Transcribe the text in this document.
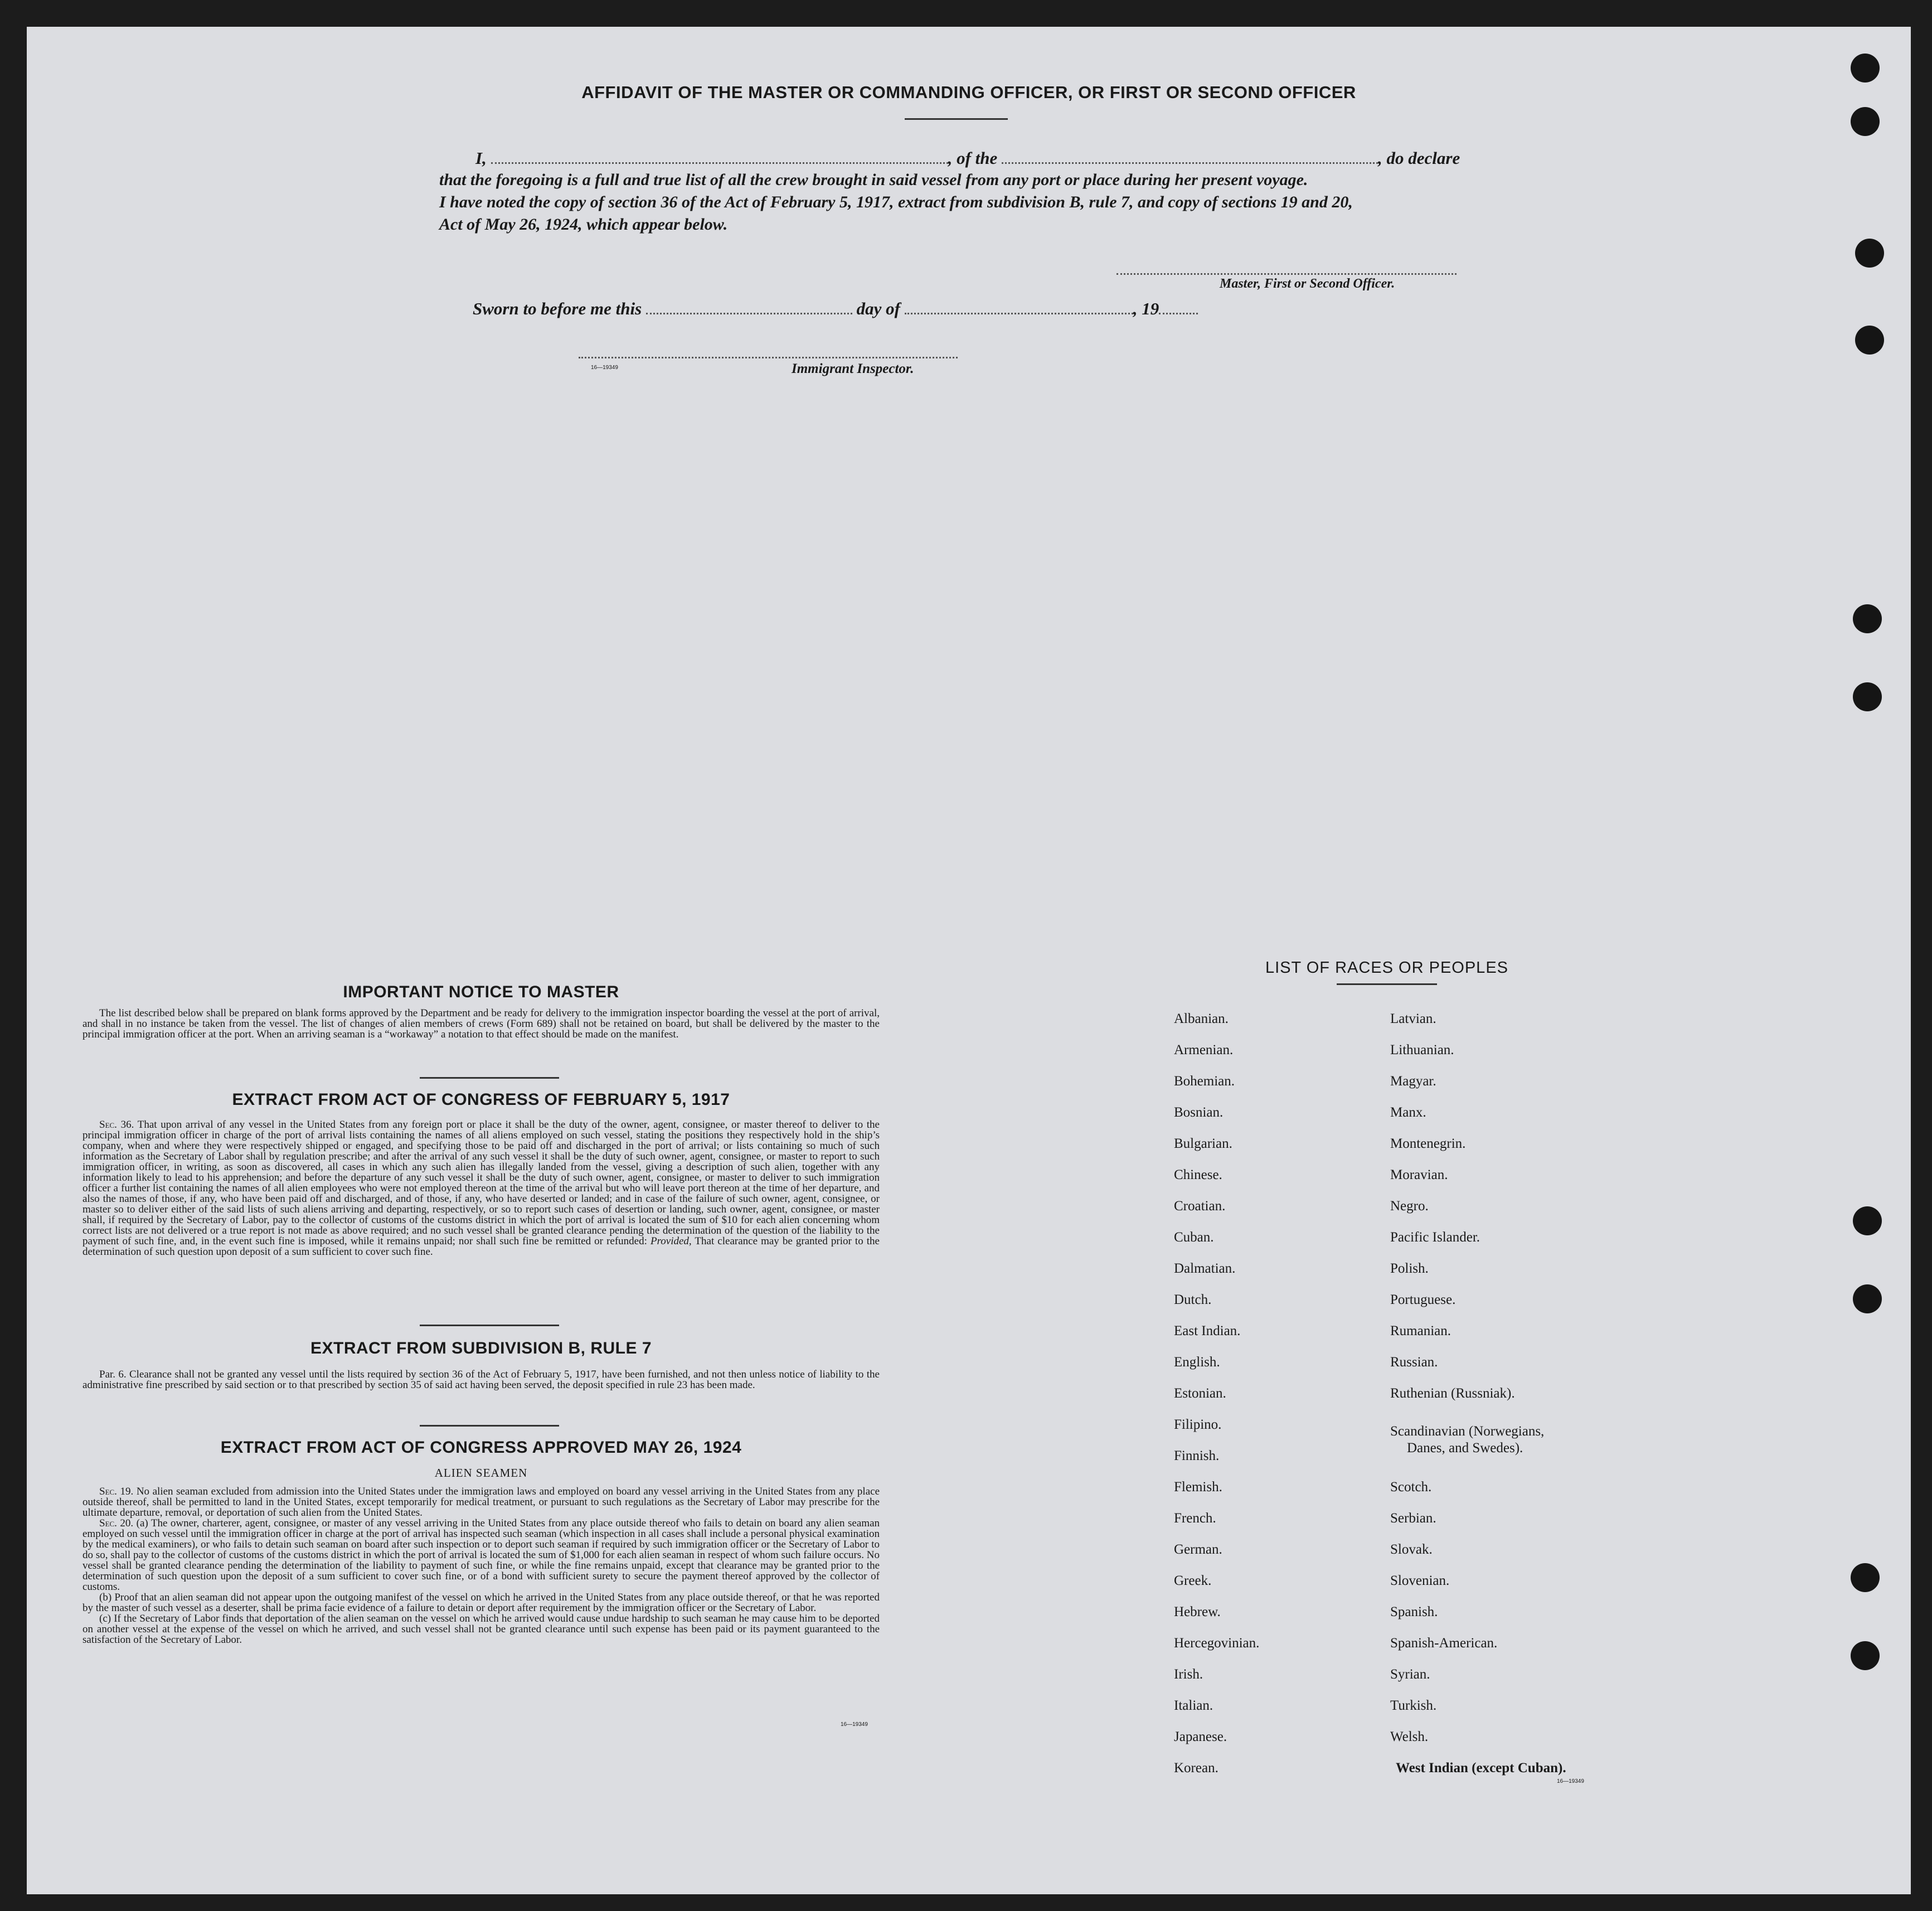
AFFIDAVIT OF THE MASTER OR COMMANDING OFFICER, OR FIRST OR SECOND OFFICER
I,	, of the	, do declare
that the foregoing is a full and true list of all the crew brought in said vessel from any port or place during her present voyage.
I have noted the copy of section 36 of the Act of February 5, 1917, extract from subdivision B, rule 7, and copy of sections 19 and 20,
Act of May 26, 1924, which appear below.
Master, First or Second Officer.
Sworn to before me this	day of	, 19
16—19349	Immigrant Inspector.
IMPORTANT NOTICE TO MASTER

The list described below shall be prepared on blank forms approved by the Department and be ready for delivery to the immigration inspector boarding the vessel at the port of arrival, and shall in no instance be taken from the vessel. The list of changes of alien members of crews (Form 689) shall not be retained on board, but shall be delivered by the master to the principal immigration officer at the port. When an arriving seaman is a “workaway” a notation to that effect should be made on the manifest.

EXTRACT FROM ACT OF CONGRESS OF FEBRUARY 5, 1917

Sec. 36. That upon arrival of any vessel in the United States from any foreign port or place it shall be the duty of the owner, agent, consignee, or master thereof to deliver to the principal immigration officer in charge of the port of arrival lists containing the names of all aliens employed on such vessel, stating the positions they respectively hold in the ship’s company, when and where they were respectively shipped or engaged, and specifying those to be paid off and discharged in the port of arrival; or lists containing so much of such information as the Secretary of Labor shall by regulation prescribe; and after the arrival of any such vessel it shall be the duty of such owner, agent, consignee, or master to report to such immigration officer, in writing, as soon as discovered, all cases in which any such alien has illegally landed from the vessel, giving a description of such alien, together with any information likely to lead to his apprehension; and before the departure of any such vessel it shall be the duty of such owner, agent, consignee, or master to deliver to such immigration officer a further list containing the names of all alien employees who were not employed thereon at the time of the arrival but who will leave port thereon at the time of her departure, and also the names of those, if any, who have been paid off and discharged, and of those, if any, who have deserted or landed; and in case of the failure of such owner, agent, consignee, or master so to deliver either of the said lists of such aliens arriving and departing, respectively, or so to report such cases of desertion or landing, such owner, agent, consignee, or master shall, if required by the Secretary of Labor, pay to the collector of customs of the customs district in which the port of arrival is located the sum of $10 for each alien concerning whom correct lists are not delivered or a true report is not made as above required; and no such vessel shall be granted clearance pending the determination of the question of the liability to the payment of such fine, and, in the event such fine is imposed, while it remains unpaid; nor shall such fine be remitted or refunded: Provided, That clearance may be granted prior to the determination of such question upon deposit of a sum sufficient to cover such fine.

EXTRACT FROM SUBDIVISION B, RULE 7

Par. 6. Clearance shall not be granted any vessel until the lists required by section 36 of the Act of February 5, 1917, have been furnished, and not then unless notice of liability to the administrative fine prescribed by said section or to that prescribed by section 35 of said act having been served, the deposit specified in rule 23 has been made.

EXTRACT FROM ACT OF CONGRESS APPROVED MAY 26, 1924
ALIEN SEAMEN

Sec. 19. No alien seaman excluded from admission into the United States under the immigration laws and employed on board any vessel arriving in the United States from any place outside thereof, shall be permitted to land in the United States, except temporarily for medical treatment, or pursuant to such regulations as the Secretary of Labor may prescribe for the ultimate departure, removal, or deportation of such alien from the United States.

Sec. 20. (a) The owner, charterer, agent, consignee, or master of any vessel arriving in the United States from any place outside thereof who fails to detain on board any alien seaman employed on such vessel until the immigration officer in charge at the port of arrival has inspected such seaman (which inspection in all cases shall include a personal physical examination by the medical examiners), or who fails to detain such seaman on board after such inspection or to deport such seaman if required by such immigration officer or the Secretary of Labor to do so, shall pay to the collector of customs of the customs district in which the port of arrival is located the sum of $1,000 for each alien seaman in respect of whom such failure occurs. No vessel shall be granted clearance pending the determination of the liability to payment of such fine, or while the fine remains unpaid, except that clearance may be granted prior to the determination of such question upon the deposit of a sum sufficient to cover such fine, or of a bond with sufficient surety to secure the payment thereof approved by the collector of customs.

(b) Proof that an alien seaman did not appear upon the outgoing manifest of the vessel on which he arrived in the United States from any place outside thereof, or that he was reported by the master of such vessel as a deserter, shall be prima facie evidence of a failure to detain or deport after requirement by the immigration officer or the Secretary of Labor.

(c) If the Secretary of Labor finds that deportation of the alien seaman on the vessel on which he arrived would cause undue hardship to such seaman he may cause him to be deported on another vessel at the expense of the vessel on which he arrived, and such vessel shall not be granted clearance until such expense has been paid or its payment guaranteed to the satisfaction of the Secretary of Labor.

16—19349
LIST OF RACES OR PEOPLES
Albanian.
Armenian.
Bohemian.
Bosnian.
Bulgarian.
Chinese.
Croatian.
Cuban.
Dalmatian.
Dutch.
East Indian.
English.
Estonian.
Filipino.
Finnish.
Flemish.
French.
German.
Greek.
Hebrew.
Hercegovinian.
Irish.
Italian.
Japanese.
Korean.
Latvian.
Lithuanian.
Magyar.
Manx.
Montenegrin.
Moravian.
Negro.
Pacific Islander.
Polish.
Portuguese.
Rumanian.
Russian.
Ruthenian (Russniak).
Scandinavian (Norwegians,
Danes, and Swedes).
Scotch.
Serbian.
Slovak.
Slovenian.
Spanish.
Spanish-American.
Syrian.
Turkish.
Welsh.
West Indian (except Cuban).
16—19349
